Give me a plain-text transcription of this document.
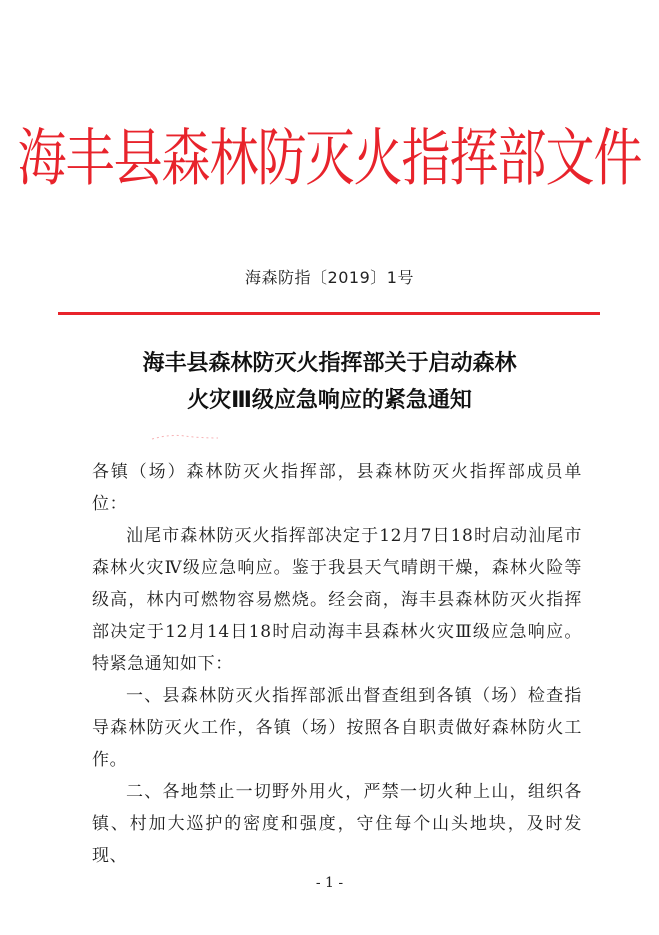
海丰县森林防灭火指挥部文件
海森防指〔2019〕1号
海丰县森林防灭火指挥部关于启动森林
火灾Ⅲ级应急响应的紧急通知

各镇（场）森林防灭火指挥部，县森林防灭火指挥部成员单位：

汕尾市森林防灭火指挥部决定于12月7日18时启动汕尾市森林火灾Ⅳ级应急响应。鉴于我县天气晴朗干燥，森林火险等级高，林内可燃物容易燃烧。经会商，海丰县森林防灭火指挥部决定于12月14日18时启动海丰县森林火灾Ⅲ级应急响应。特紧急通知如下：

一、县森林防灭火指挥部派出督查组到各镇（场）检查指导森林防灭火工作，各镇（场）按照各自职责做好森林防火工作。

二、各地禁止一切野外用火，严禁一切火种上山，组织各镇、村加大巡护的密度和强度，守住每个山头地块，及时发现、

- 1 -
